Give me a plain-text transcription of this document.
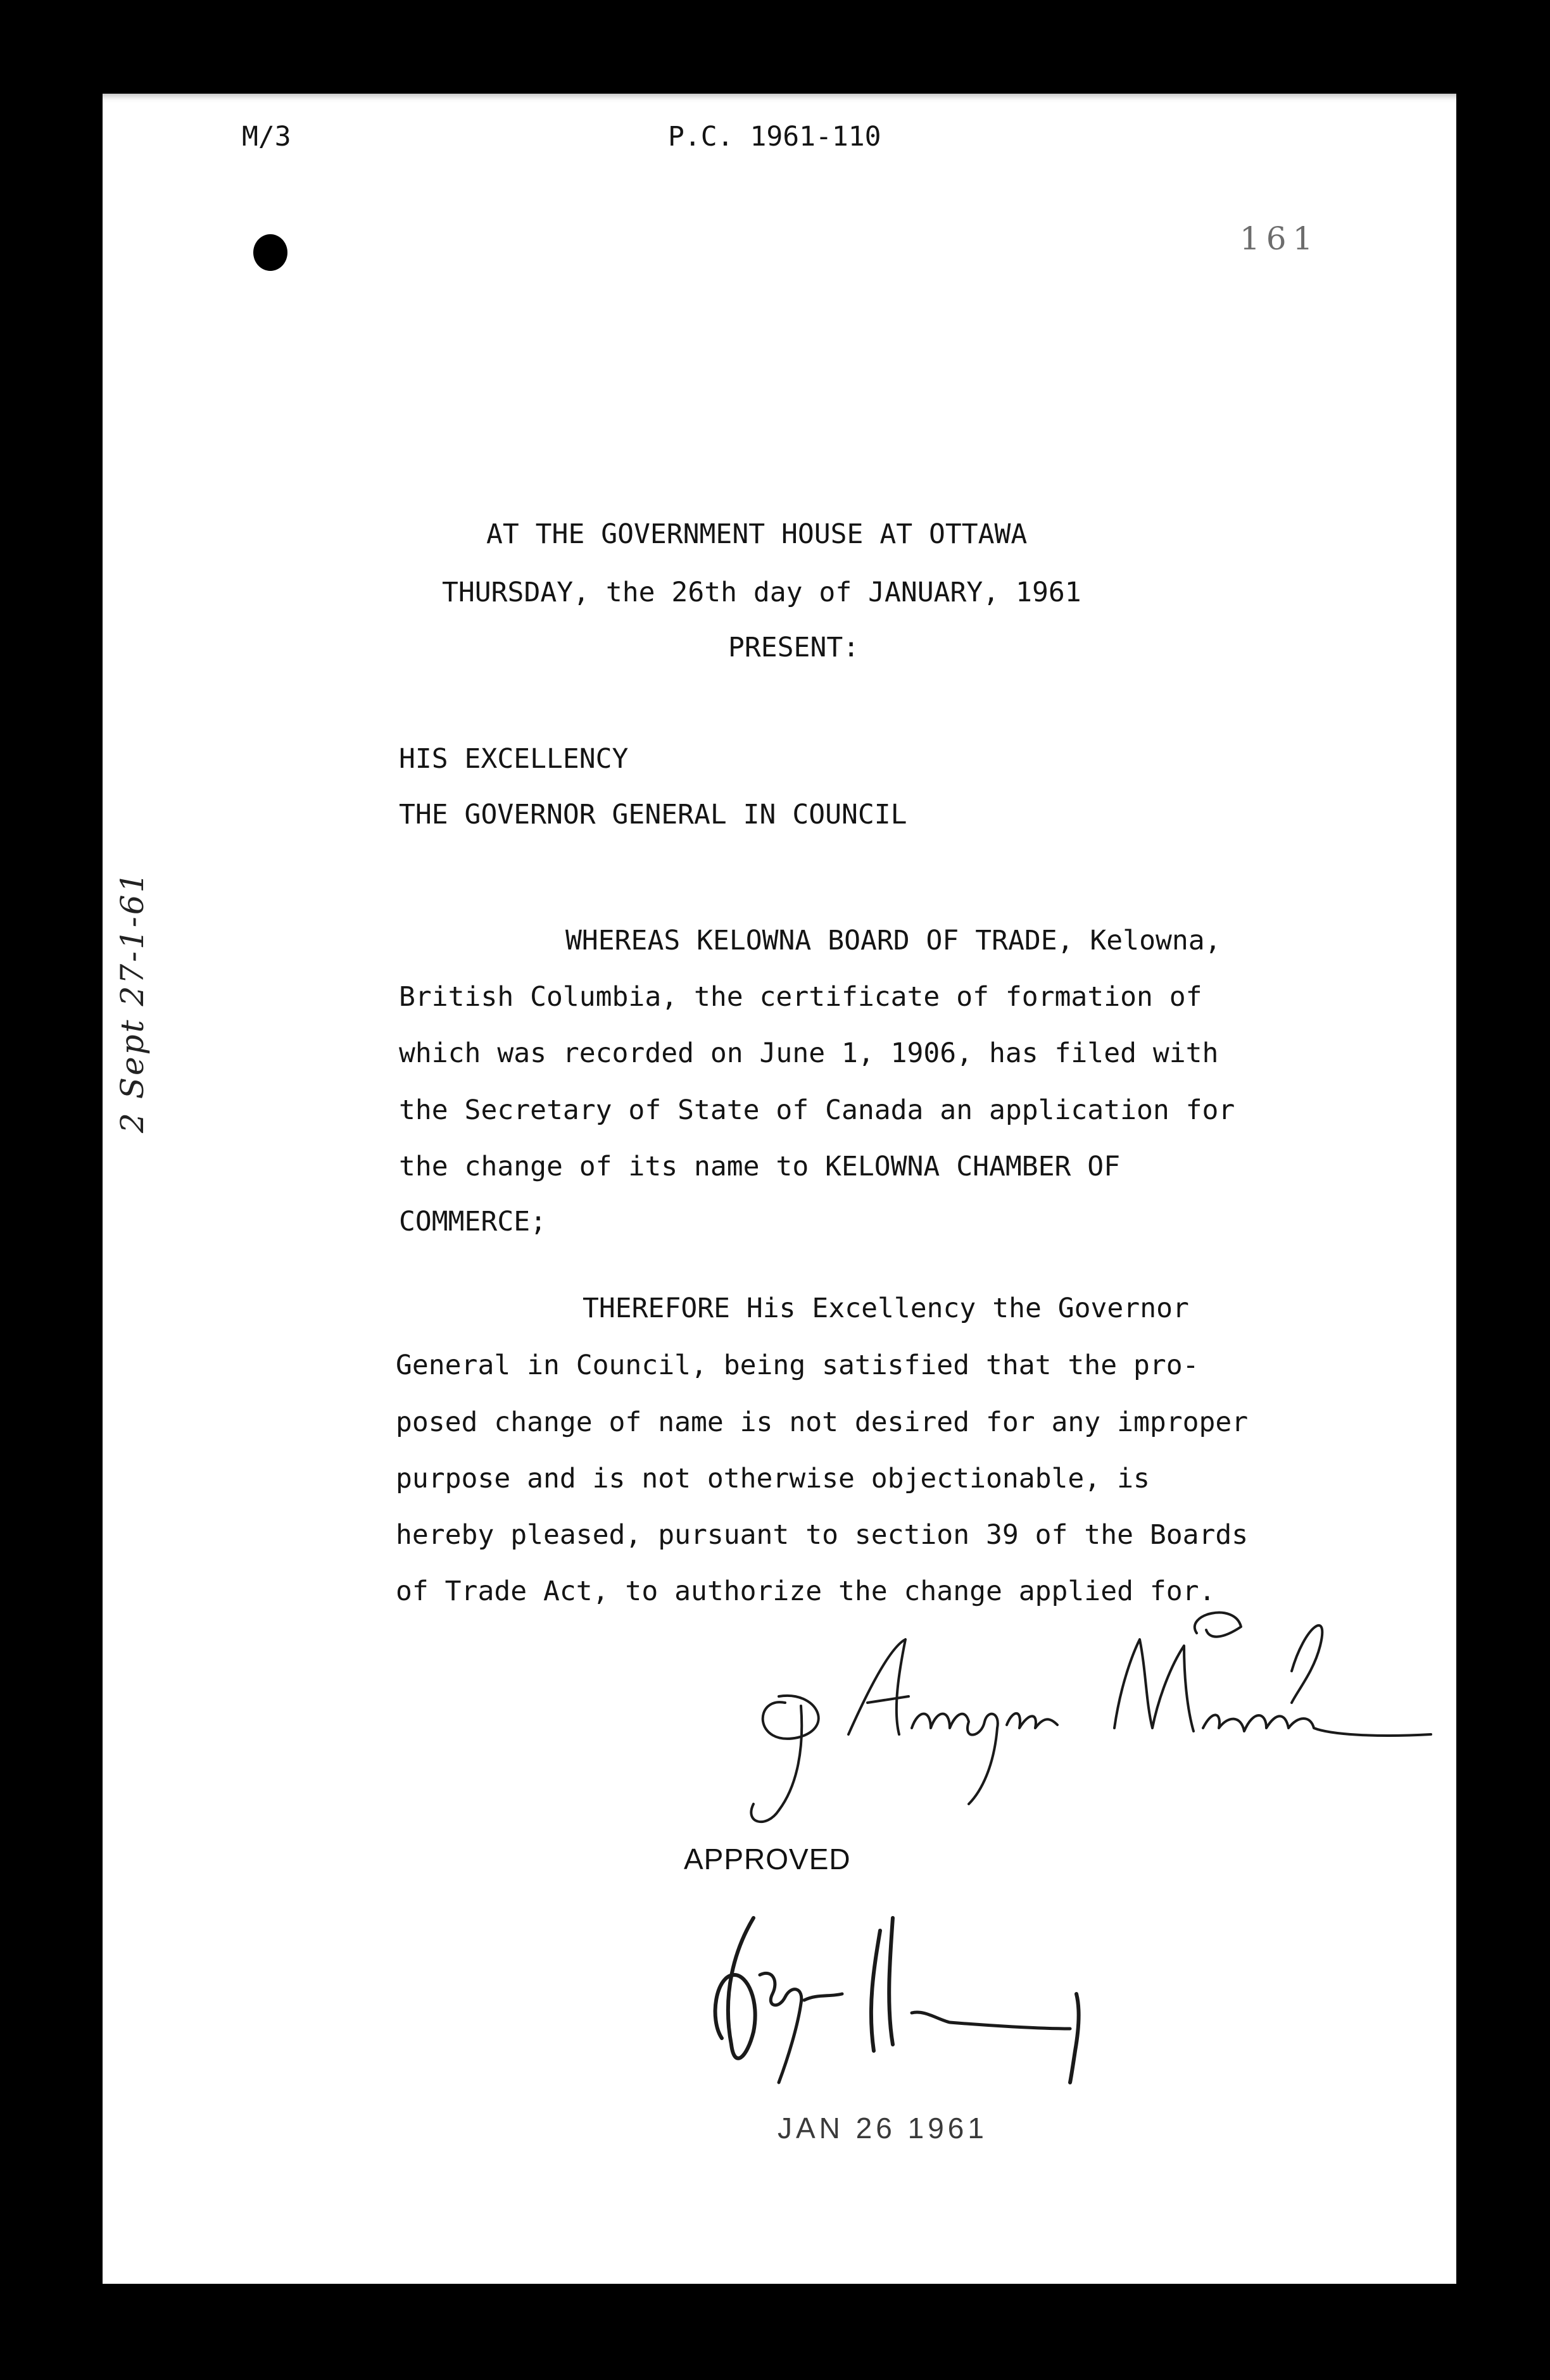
M/3	P.C. 1961-110
161
2 Sept 27-1-61
AT THE GOVERNMENT HOUSE AT OTTAWA
THURSDAY, the 26th day of JANUARY, 1961
PRESENT:
HIS EXCELLENCY
THE GOVERNOR GENERAL IN COUNCIL
WHEREAS KELOWNA BOARD OF TRADE, Kelowna,
British Columbia, the certificate of formation of
which was recorded on June 1, 1906, has filed with
the Secretary of State of Canada an application for
the change of its name to KELOWNA CHAMBER OF
COMMERCE;
THEREFORE His Excellency the Governor
General in Council, being satisfied that the pro-
posed change of name is not desired for any improper
purpose and is not otherwise objectionable, is
hereby pleased, pursuant to section 39 of the Boards
of Trade Act, to authorize the change applied for.
APPROVED
JAN 26 1961
